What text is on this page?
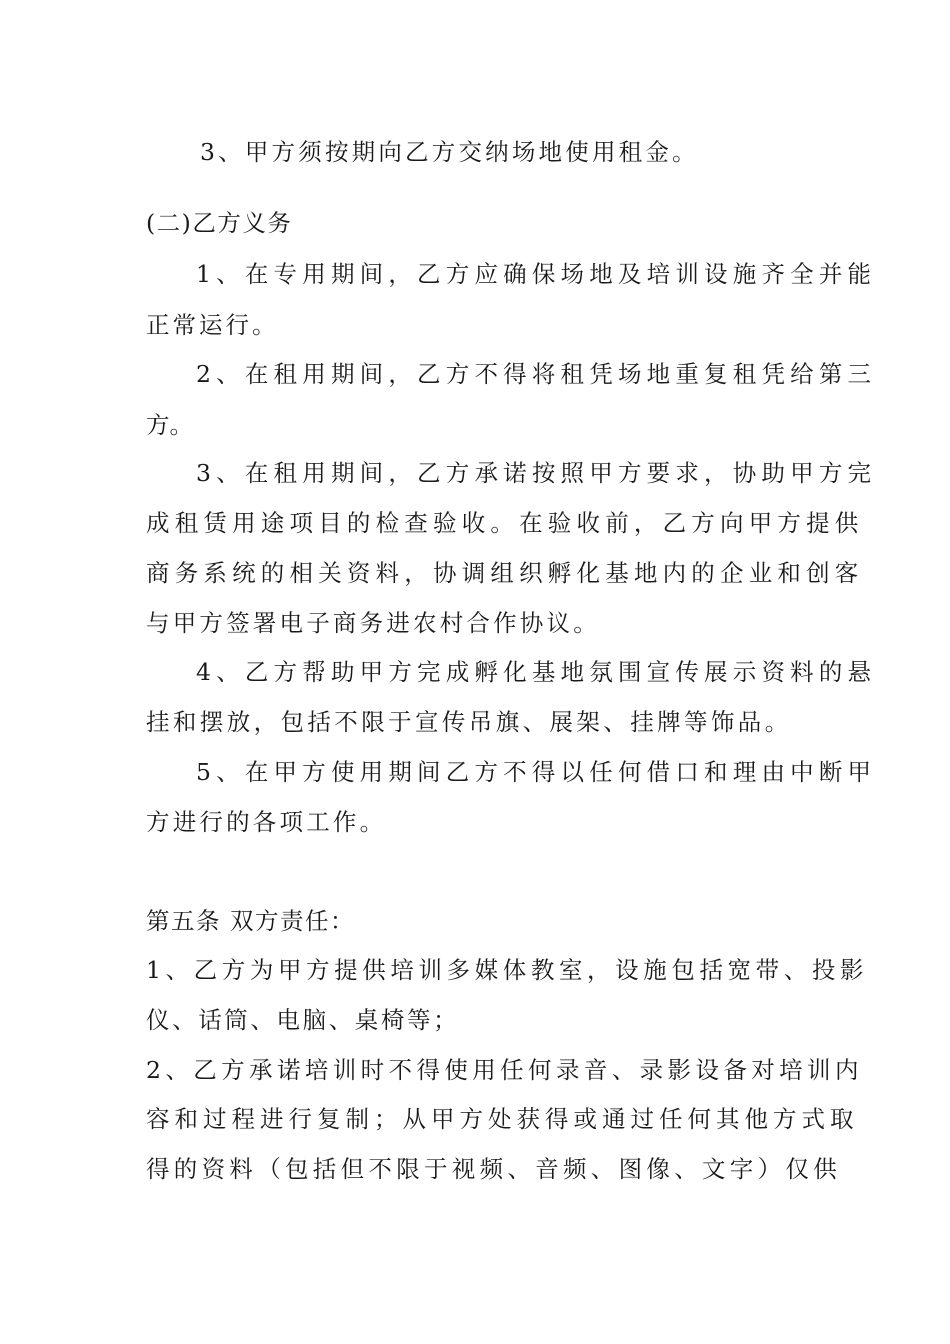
3、甲方须按期向乙方交纳场地使用租金。
(二)乙方义务
1、在专用期间，乙方应确保场地及培训设施齐全并能
正常运行。
2、在租用期间，乙方不得将租凭场地重复租凭给第三
方。
3、在租用期间，乙方承诺按照甲方要求，协助甲方完
成租赁用途项目的检查验收。在验收前，乙方向甲方提供
商务系统的相关资料，协调组织孵化基地内的企业和创客
与甲方签署电子商务进农村合作协议。
4、乙方帮助甲方完成孵化基地氛围宣传展示资料的悬
挂和摆放，包括不限于宣传吊旗、展架、挂牌等饰品。
5、在甲方使用期间乙方不得以任何借口和理由中断甲
方进行的各项工作。
第五条 双方责任：
1、乙方为甲方提供培训多媒体教室，设施包括宽带、投影
仪、话筒、电脑、桌椅等；
2、乙方承诺培训时不得使用任何录音、录影设备对培训内
容和过程进行复制；从甲方处获得或通过任何其他方式取
得的资料（包括但不限于视频、音频、图像、文字）仅供
